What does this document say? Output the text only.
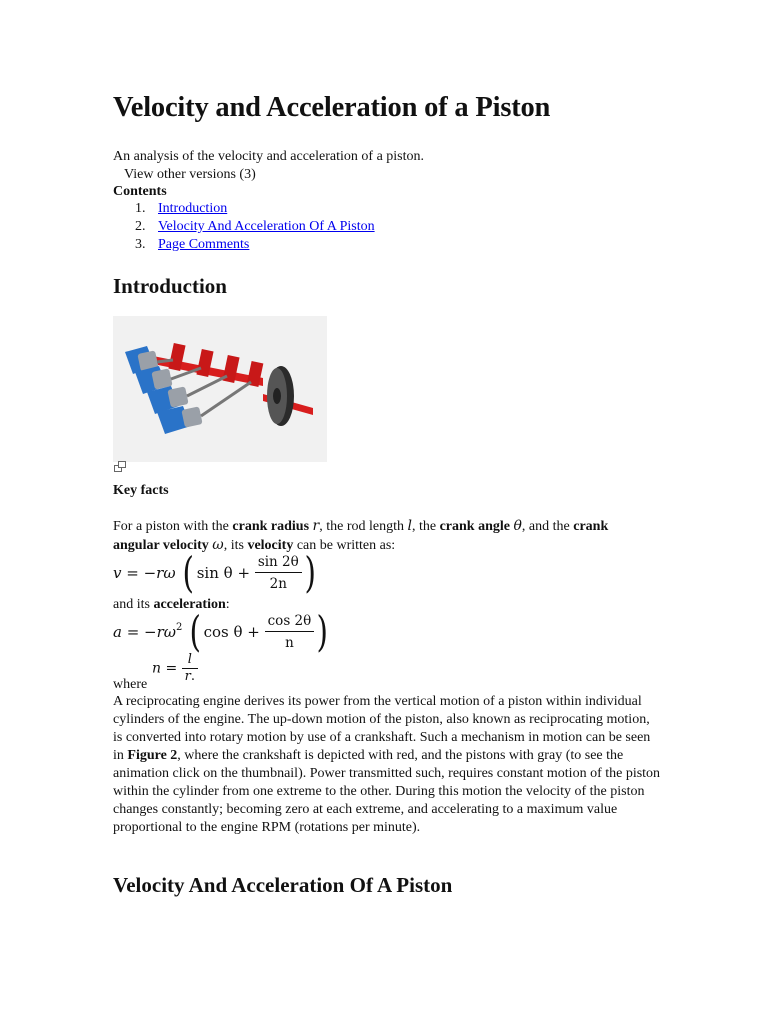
Velocity and Acceleration of a Piston
An analysis of the velocity and acceleration of a piston.
View other versions (3)
Contents
1. Introduction
2. Velocity And Acceleration Of A Piston
3. Page Comments
Introduction
Key facts
For a piston with the crank radius r, the rod length l, the crank angle θ, and the crank angular velocity ω, its velocity can be written as:
v = −rω ( $\sin \theta + \frac{\sin 2\theta}{2n}$ )
and its acceleration:
$a = -r\omega^2$ ( $\cos \theta + \frac{\cos 2\theta}{n}$ )
where
$n = \frac{l}{r.}$
A reciprocating engine derives its power from the vertical motion of a piston within individual cylinders of the engine. The up-down motion of the piston, also known as reciprocating motion, is converted into rotary motion by use of a crankshaft. Such a mechanism in motion can be seen in Figure 2, where the crankshaft is depicted with red, and the pistons with gray (to see the animation click on the thumbnail). Power transmitted such, requires constant motion of the piston within the cylinder from one extreme to the other. During this motion the velocity of the piston changes constantly; becoming zero at each extreme, and accelerating to a maximum value proportional to the engine RPM (rotations per minute).
Velocity And Acceleration Of A Piston
